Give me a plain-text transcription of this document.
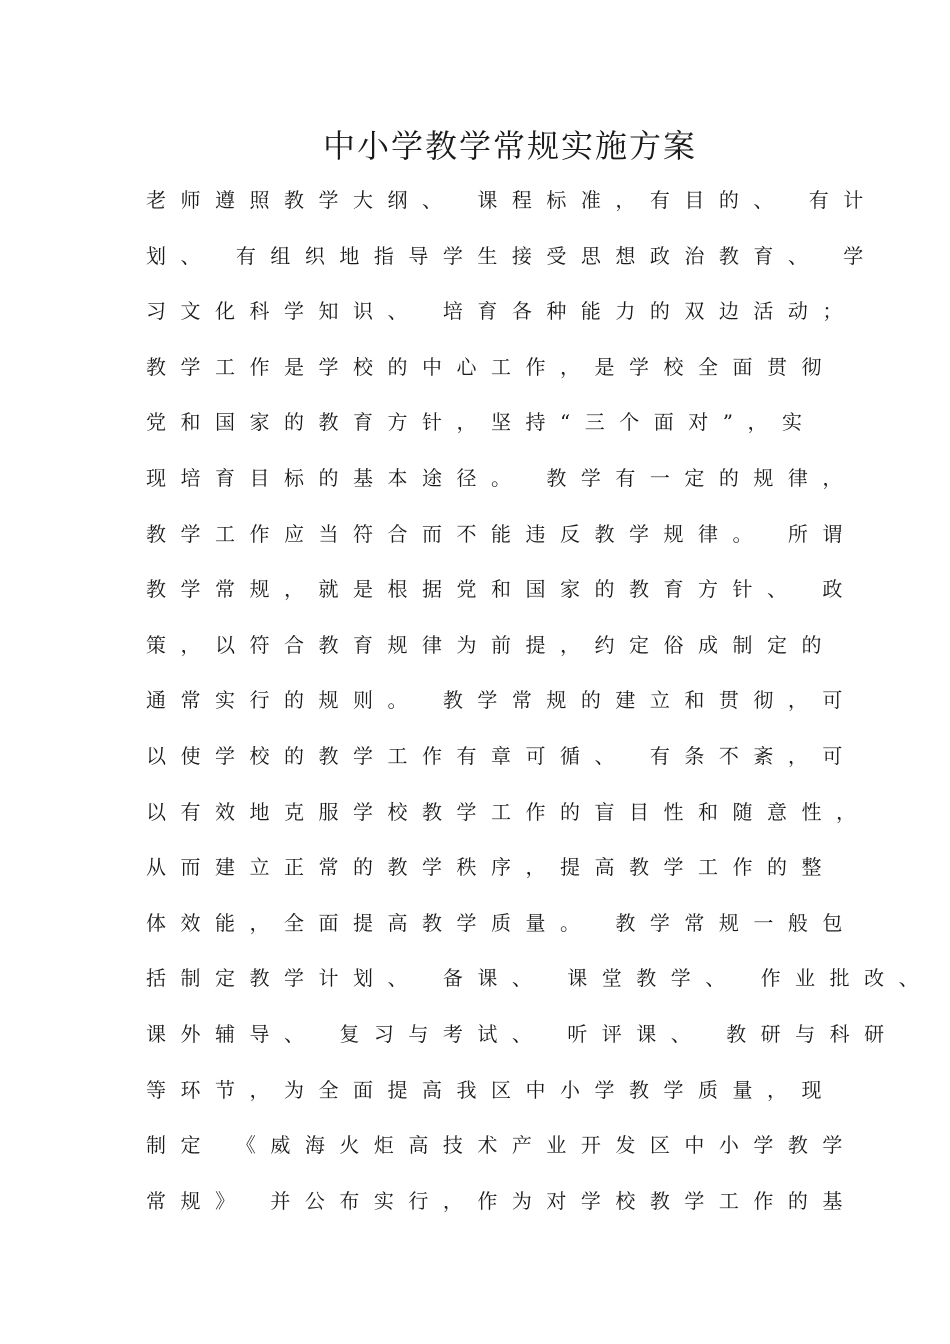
中小学教学常规实施方案
老师遵照教学大纲、 课程标准，有目的、 有计
划、 有组织地指导学生接受思想政治教育、 学
习文化科学知识、 培育各种能力的双边活动；
教学工作是学校的中心工作，是学校全面贯彻
党和国家的教育方针，坚持“三个面对”，实
现培育目标的基本途径。 教学有一定的规律，
教学工作应当符合而不能违反教学规律。 所谓
教学常规，就是根据党和国家的教育方针、 政
策，以符合教育规律为前提，约定俗成制定的
通常实行的规则。 教学常规的建立和贯彻，可
以使学校的教学工作有章可循、 有条不紊，可
以有效地克服学校教学工作的盲目性和随意性，
从而建立正常的教学秩序，提高教学工作的整
体效能，全面提高教学质量。 教学常规一般包
括制定教学计划、 备课、 课堂教学、 作业批改、
课外辅导、 复习与考试、 听评课、 教研与科研
等环节，为全面提高我区中小学教学质量，现
制定 《威海火炬高技术产业开发区中小学教学
常规》 并公布实行，作为对学校教学工作的基
